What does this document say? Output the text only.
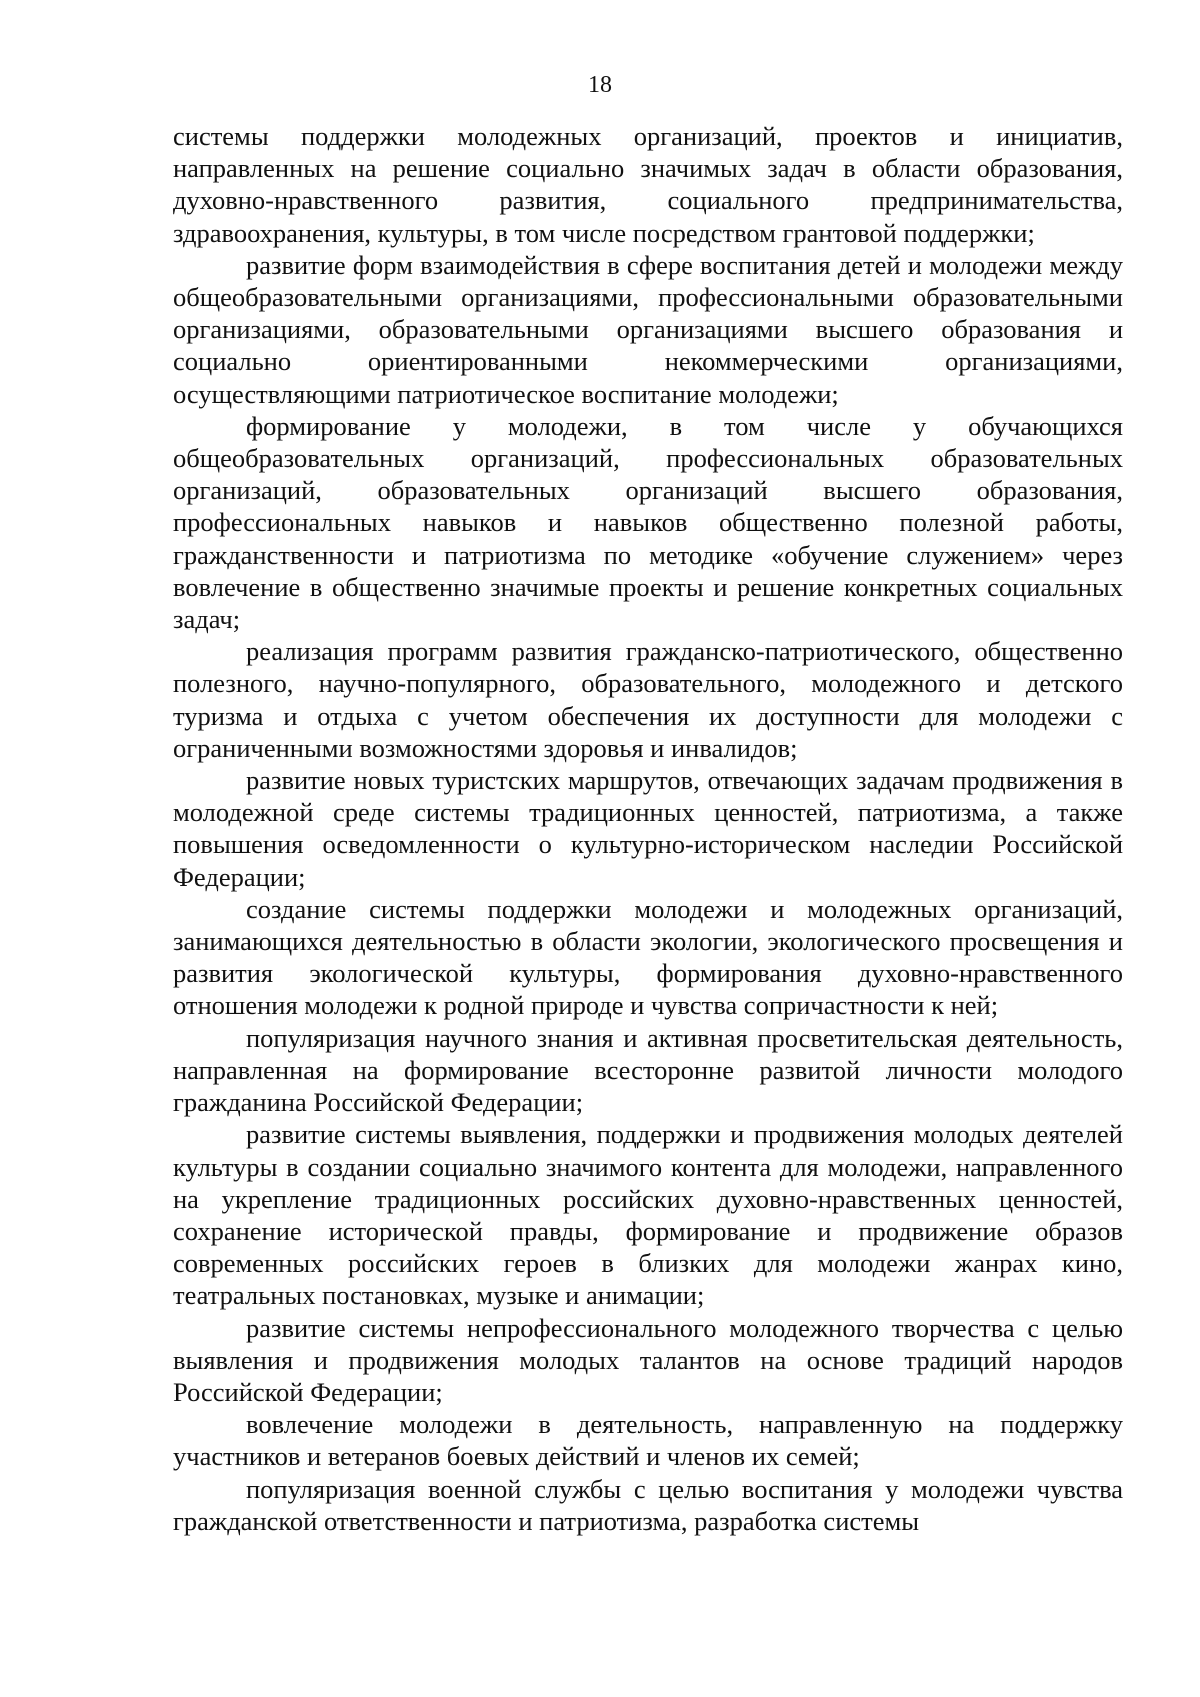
18

системы поддержки молодежных организаций, проектов и инициатив, направленных на решение социально значимых задач в области образования, духовно-нравственного развития, социального предпринимательства, здравоохранения, культуры, в том числе посредством грантовой поддержки;

развитие форм взаимодействия в сфере воспитания детей и молодежи между общеобразовательными организациями, профессиональными образовательными организациями, образовательными организациями высшего образования и социально ориентированными некоммерческими организациями, осуществляющими патриотическое воспитание молодежи;

формирование у молодежи, в том числе у обучающихся общеобразовательных организаций, профессиональных образовательных организаций, образовательных организаций высшего образования, профессиональных навыков и навыков общественно полезной работы, гражданственности и патриотизма по методике «обучение служением» через вовлечение в общественно значимые проекты и решение конкретных социальных задач;

реализация программ развития гражданско-патриотического, общественно полезного, научно-популярного, образовательного, молодежного и детского туризма и отдыха с учетом обеспечения их доступности для молодежи с ограниченными возможностями здоровья и инвалидов;

развитие новых туристских маршрутов, отвечающих задачам продвижения в молодежной среде системы традиционных ценностей, патриотизма, а также повышения осведомленности о культурно-историческом наследии Российской Федерации;

создание системы поддержки молодежи и молодежных организаций, занимающихся деятельностью в области экологии, экологического просвещения и развития экологической культуры, формирования духовно-нравственного отношения молодежи к родной природе и чувства сопричастности к ней;

популяризация научного знания и активная просветительская деятельность, направленная на формирование всесторонне развитой личности молодого гражданина Российской Федерации;

развитие системы выявления, поддержки и продвижения молодых деятелей культуры в создании социально значимого контента для молодежи, направленного на укрепление традиционных российских духовно-нравственных ценностей, сохранение исторической правды, формирование и продвижение образов современных российских героев в близких для молодежи жанрах кино, театральных постановках, музыке и анимации;

развитие системы непрофессионального молодежного творчества с целью выявления и продвижения молодых талантов на основе традиций народов Российской Федерации;

вовлечение молодежи в деятельность, направленную на поддержку участников и ветеранов боевых действий и членов их семей;

популяризация военной службы с целью воспитания у молодежи чувства гражданской ответственности и патриотизма, разработка системы
